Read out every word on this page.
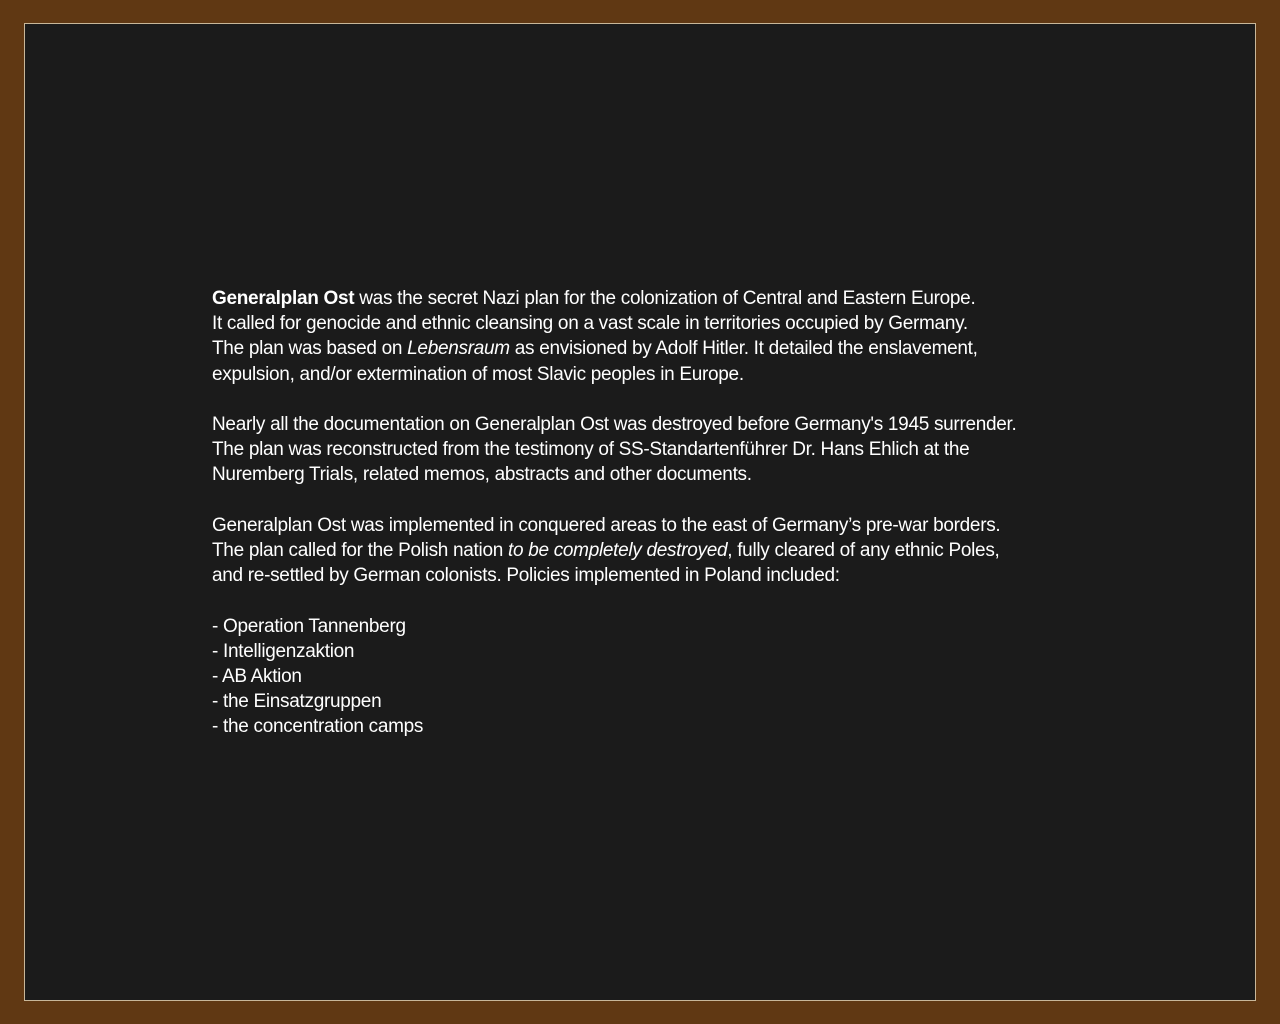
Generalplan Ost was the secret Nazi plan for the colonization of Central and Eastern Europe.
It called for genocide and ethnic cleansing on a vast scale in territories occupied by Germany.
The plan was based on Lebensraum as envisioned by Adolf Hitler. It detailed the enslavement,
expulsion, and/or extermination of most Slavic peoples in Europe.

Nearly all the documentation on Generalplan Ost was destroyed before Germany's 1945 surrender.
The plan was reconstructed from the testimony of SS-Standartenführer Dr. Hans Ehlich at the
Nuremberg Trials, related memos, abstracts and other documents.

Generalplan Ost was implemented in conquered areas to the east of Germany’s pre-war borders.
The plan called for the Polish nation to be completely destroyed, fully cleared of any ethnic Poles,
and re-settled by German colonists. Policies implemented in Poland included:

- Operation Tannenberg
- Intelligenzaktion
- AB Aktion
- the Einsatzgruppen
- the concentration camps
